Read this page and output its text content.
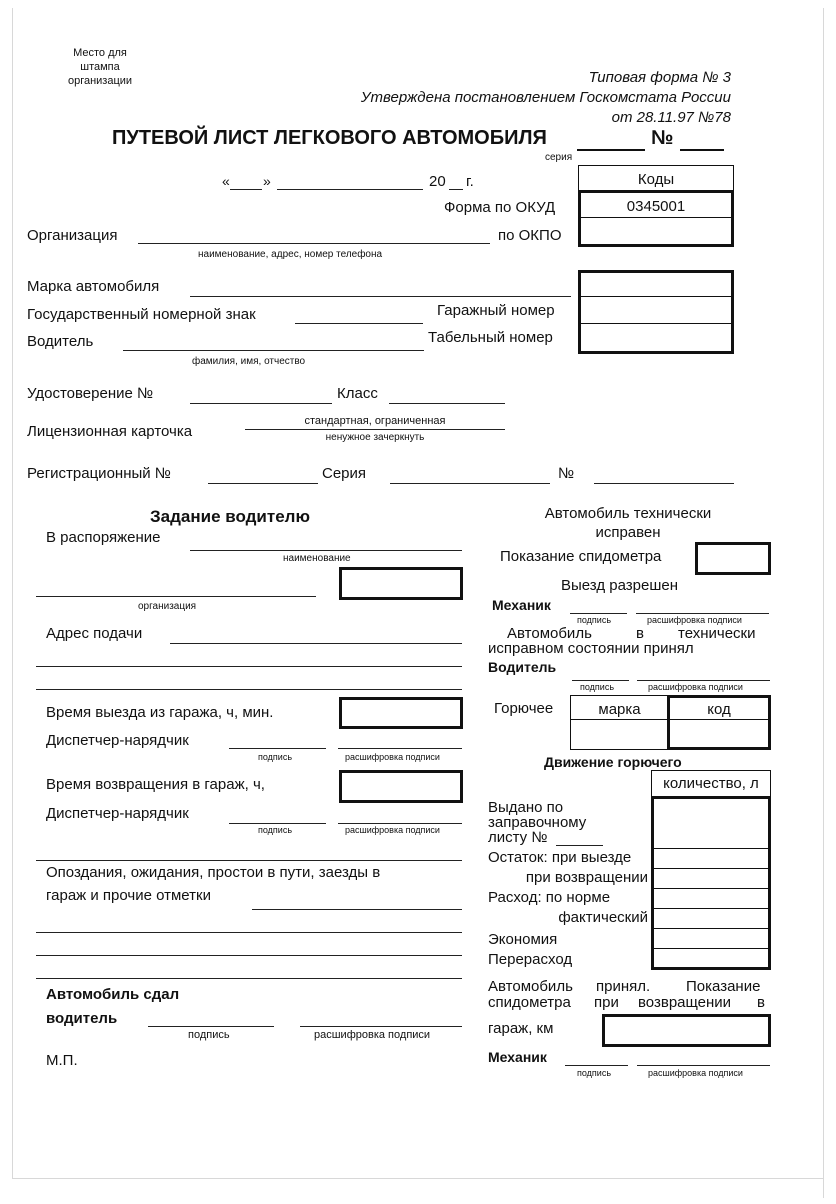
Место для
штампа
организации	Типовая форма № 3
Утверждена постановлением Госкомстата России
от 28.11.97 №78
ПУТЕВОЙ ЛИСТ ЛЕГКОВОГО АВТОМОБИЛЯ	№
серия
« »	20 г.	Коды
0345001
Форма по ОКУД
по ОКПО
Организация
наименование, адрес, номер телефона
Марка автомобиля
Государственный номерной знак	Гаражный номер
Водитель	Табельный номер
фамилия, имя, отчество
Удостоверение №	Класс
Лицензионная карточка
стандартная, ограниченная
ненужное зачеркнуть
Регистрационный №	Серия	№
Задание водителю
В распоряжение
наименование
организация
Адрес подачи
Время выезда из гаража, ч, мин.
Диспетчер-нарядчик
подпись	расшифровка подписи
Время возвращения в гараж, ч,
Диспетчер-нарядчик
подпись	расшифровка подписи
Опоздания, ожидания, простои в пути, заезды в
гараж и прочие отметки
Автомобиль сдал
водитель
подпись	расшифровка подписи
М.П.
Автомобиль технически
исправен
Показание спидометра
Выезд разрешен
Механик
подпись	расшифровка подписи
Автомобиль	в технически
исправном состоянии принял
Водитель
подпись	расшифровка подписи
Горючее	марка	код
Движение горючего
количество, л
Выдано по
заправочному
листу №
Остаток: при выезде
при возвращении
Расход: по норме
фактический
Экономия
Перерасход
Автомобиль принял. Показание
спидометра при возвращении в
гараж, км
Механик
подпись	расшифровка подписи
